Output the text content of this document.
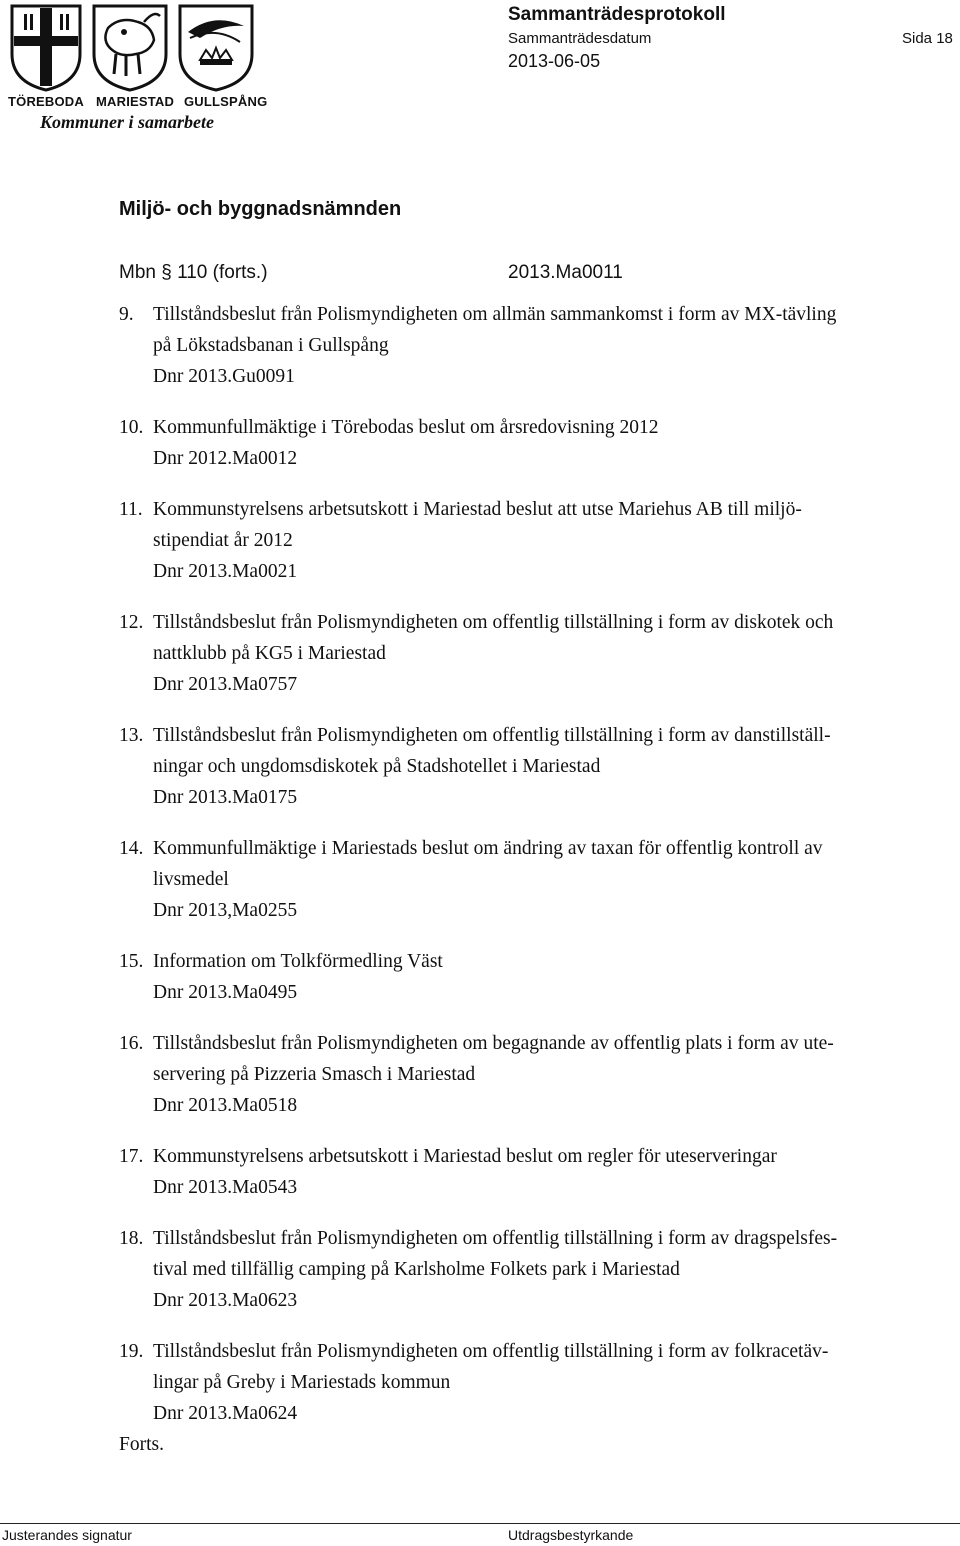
TÖREBODA MARIESTAD GULLSPÅNG
Kommuner i samarbete
Sammanträdesprotokoll
Sammanträdesdatum	Sida 18
2013-06-05
Miljö- och byggnadsnämnden
Mbn § 110 (forts.)	2013.Ma0011
9. Tillståndsbeslut från Polismyndigheten om allmän sammankomst i form av MX-tävling
på Lökstadsbanan i Gullspång
Dnr 2013.Gu0091
10. Kommunfullmäktige i Törebodas beslut om årsredovisning 2012
Dnr 2012.Ma0012
11. Kommunstyrelsens arbetsutskott i Mariestad beslut att utse Mariehus AB till miljö-
stipendiat år 2012
Dnr 2013.Ma0021
12. Tillståndsbeslut från Polismyndigheten om offentlig tillställning i form av diskotek och
nattklubb på KG5 i Mariestad
Dnr 2013.Ma0757
13. Tillståndsbeslut från Polismyndigheten om offentlig tillställning i form av danstillställ-
ningar och ungdomsdiskotek på Stadshotellet i Mariestad
Dnr 2013.Ma0175
14. Kommunfullmäktige i Mariestads beslut om ändring av taxan för offentlig kontroll av
livsmedel
Dnr 2013,Ma0255
15. Information om Tolkförmedling Väst
Dnr 2013.Ma0495
16. Tillståndsbeslut från Polismyndigheten om begagnande av offentlig plats i form av ute-
servering på Pizzeria Smasch i Mariestad
Dnr 2013.Ma0518
17. Kommunstyrelsens arbetsutskott i Mariestad beslut om regler för uteserveringar
Dnr 2013.Ma0543
18. Tillståndsbeslut från Polismyndigheten om offentlig tillställning i form av dragspelsfes-
tival med tillfällig camping på Karlsholme Folkets park i Mariestad
Dnr 2013.Ma0623
19. Tillståndsbeslut från Polismyndigheten om offentlig tillställning i form av folkracetäv-
lingar på Greby i Mariestads kommun
Dnr 2013.Ma0624
Forts.
Justerandes signatur	Utdragsbestyrkande
